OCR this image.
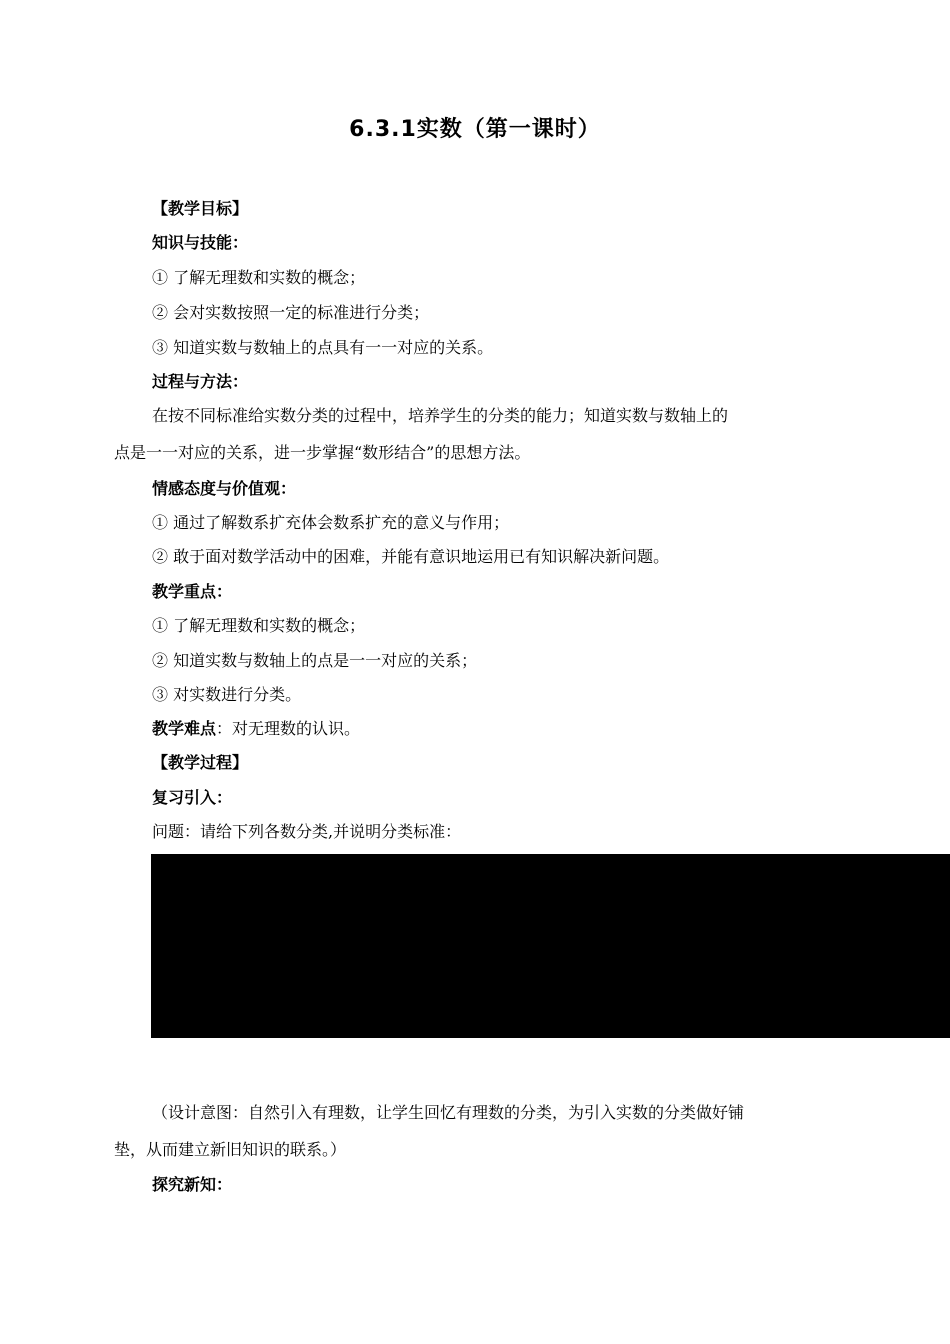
6.3.1实数（第一课时）
【教学目标】
知识与技能：
① 了解无理数和实数的概念；
② 会对实数按照一定的标准进行分类；
③ 知道实数与数轴上的点具有一一对应的关系。
过程与方法：
在按不同标准给实数分类的过程中，培养学生的分类的能力；知道实数与数轴上的
点是一一对应的关系，进一步掌握“数形结合”的思想方法。
情感态度与价值观：
① 通过了解数系扩充体会数系扩充的意义与作用；
② 敢于面对数学活动中的困难，并能有意识地运用已有知识解决新问题。
教学重点：
① 了解无理数和实数的概念；
② 知道实数与数轴上的点是一一对应的关系；
③ 对实数进行分类。
教学难点：对无理数的认识。
【教学过程】
复习引入：
问题：请给下列各数分类,并说明分类标准：
（设计意图：自然引入有理数，让学生回忆有理数的分类，为引入实数的分类做好铺
垫，从而建立新旧知识的联系。）
探究新知：
